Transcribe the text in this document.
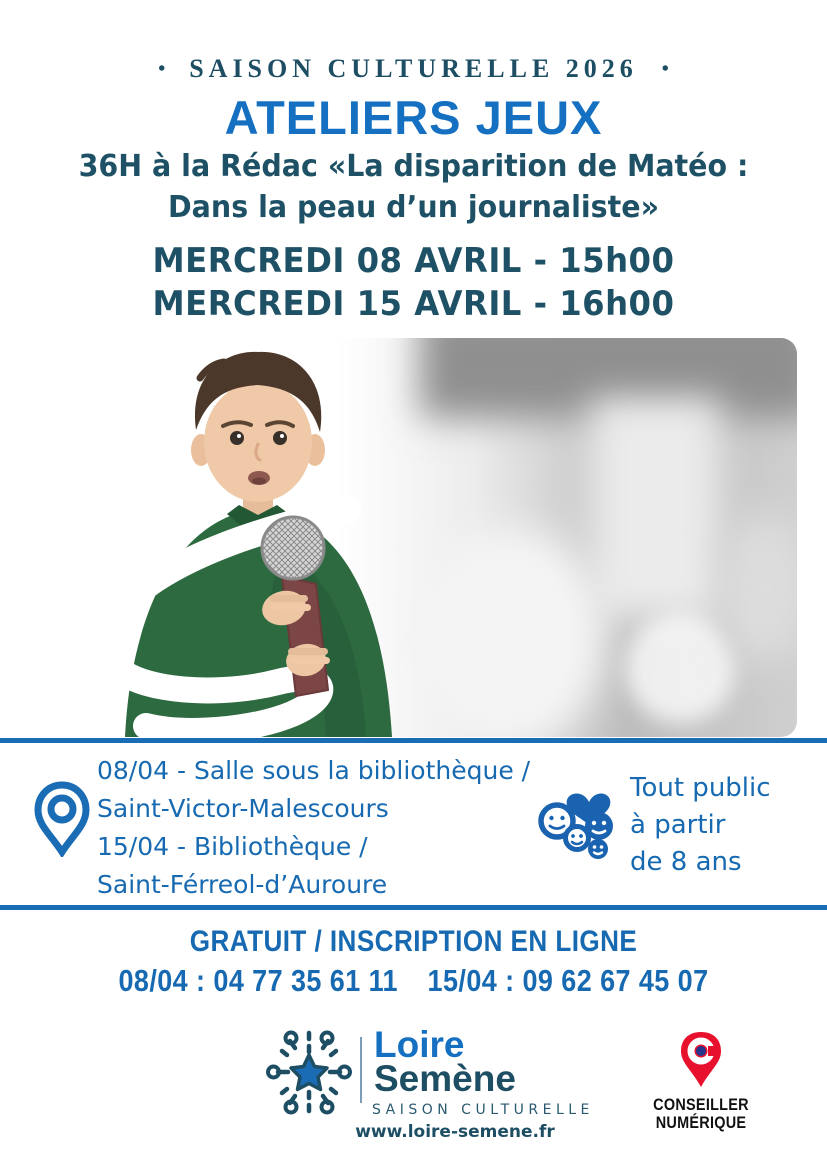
• SAISON CULTURELLE 2026 •
ATELIERS JEUX
36H à la Rédac «La disparition de Matéo :
Dans la peau d’un journaliste»
MERCREDI 08 AVRIL - 15h00
MERCREDI 15 AVRIL - 16h00
08/04 - Salle sous la bibliothèque /
Saint-Victor-Malescours
15/04 - Bibliothèque /
Saint-Férreol-d’Auroure
Tout public
à partir
de 8 ans
GRATUIT / INSCRIPTION EN LIGNE
08/04 : 04 77 35 61 11 15/04 : 09 62 67 45 07
Loire
Semène
SAISON CULTURELLE
www.loire-semene.fr
CONSEILLER
NUMÉRIQUE
